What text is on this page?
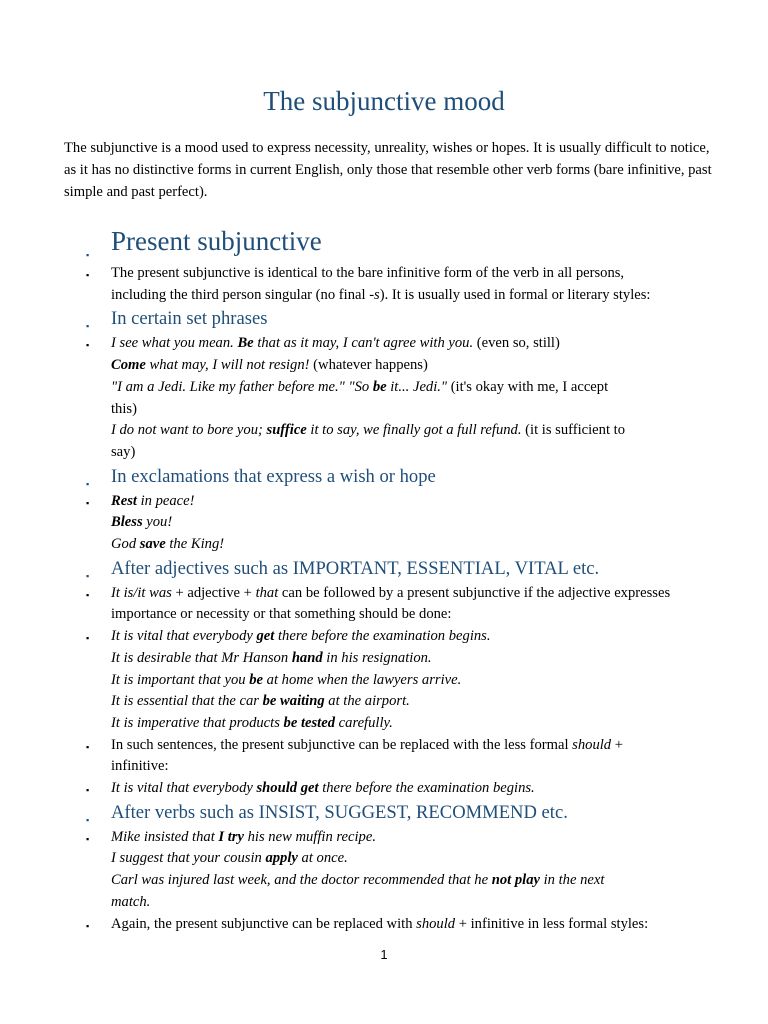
The subjunctive mood

The subjunctive is a mood used to express necessity, unreality, wishes or hopes. It is usually difficult to notice, as it has no distinctive forms in current English, only those that resemble other verb forms (bare infinitive, past simple and past perfect).

▪ Present subjunctive
▪ The present subjunctive is identical to the bare infinitive form of the verb in all persons,
including the third person singular (no final -s). It is usually used in formal or literary styles:
▪ In certain set phrases
▪ I see what you mean. Be that as it may, I can't agree with you. (even so, still)
Come what may, I will not resign! (whatever happens)
"I am a Jedi. Like my father before me." "So be it... Jedi." (it's okay with me, I accept
this)
I do not want to bore you; suffice it to say, we finally got a full refund. (it is sufficient to
say)
▪ In exclamations that express a wish or hope
▪ Rest in peace!
Bless you!
God save the King!
▪ After adjectives such as IMPORTANT, ESSENTIAL, VITAL etc.
▪ It is/it was + adjective + that can be followed by a present subjunctive if the adjective expresses
importance or necessity or that something should be done:
▪ It is vital that everybody get there before the examination begins.
It is desirable that Mr Hanson hand in his resignation.
It is important that you be at home when the lawyers arrive.
It is essential that the car be waiting at the airport.
It is imperative that products be tested carefully.
▪ In such sentences, the present subjunctive can be replaced with the less formal should +
infinitive:
▪ It is vital that everybody should get there before the examination begins.
▪ After verbs such as INSIST, SUGGEST, RECOMMEND etc.
▪ Mike insisted that I try his new muffin recipe.
I suggest that your cousin apply at once.
Carl was injured last week, and the doctor recommended that he not play in the next
match.
▪ Again, the present subjunctive can be replaced with should + infinitive in less formal styles:
1
